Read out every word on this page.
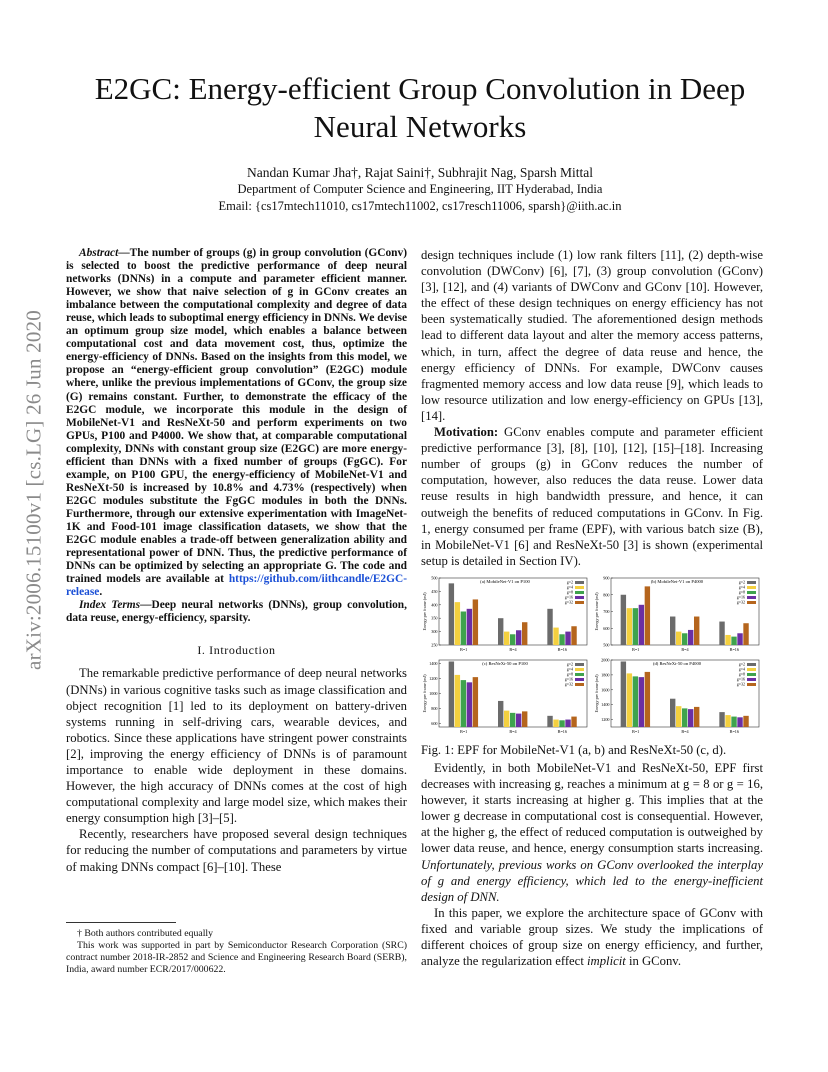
arXiv:2006.15100v1 [cs.LG] 26 Jun 2020
E2GC: Energy-efficient Group Convolution in Deep Neural Networks
Nandan Kumar Jha†, Rajat Saini†, Subhrajit Nag, Sparsh Mittal
Department of Computer Science and Engineering, IIT Hyderabad, India
Email: {cs17mtech11010, cs17mtech11002, cs17resch11006, sparsh}@iith.ac.in

Abstract—The number of groups (g) in group convolution (GConv) is selected to boost the predictive performance of deep neural networks (DNNs) in a compute and parameter efficient manner. However, we show that naive selection of g in GConv creates an imbalance between the computational complexity and degree of data reuse, which leads to suboptimal energy efficiency in DNNs. We devise an optimum group size model, which enables a balance between computational cost and data movement cost, thus, optimize the energy-efficiency of DNNs. Based on the insights from this model, we propose an “energy-efficient group convolution” (E2GC) module where, unlike the previous implementations of GConv, the group size (G) remains constant. Further, to demonstrate the efficacy of the E2GC module, we incorporate this module in the design of MobileNet-V1 and ResNeXt-50 and perform experiments on two GPUs, P100 and P4000. We show that, at comparable computational complexity, DNNs with constant group size (E2GC) are more energy-efficient than DNNs with a fixed number of groups (FgGC). For example, on P100 GPU, the energy-efficiency of MobileNet-V1 and ResNeXt-50 is increased by 10.8% and 4.73% (respectively) when E2GC modules substitute the FgGC modules in both the DNNs. Furthermore, through our extensive experimentation with ImageNet-1K and Food-101 image classification datasets, we show that the E2GC module enables a trade-off between generalization ability and representational power of DNN. Thus, the predictive performance of DNNs can be optimized by selecting an appropriate G. The code and trained models are available at https://github.com/iithcandle/E2GC-release.

Index Terms—Deep neural networks (DNNs), group convolution, data reuse, energy-efficiency, sparsity.

I. Introduction

The remarkable predictive performance of deep neural networks (DNNs) in various cognitive tasks such as image classification and object recognition [1] led to its deployment on battery-driven systems running in self-driving cars, wearable devices, and robotics. Since these applications have stringent power constraints [2], improving the energy efficiency of DNNs is of paramount importance to enable wide deployment in these domains. However, the high accuracy of DNNs comes at the cost of high computational complexity and large model size, which makes their energy consumption high [3]–[5].

Recently, researchers have proposed several design techniques for reducing the number of computations and parameters by virtue of making DNNs compact [6]–[10]. These

† Both authors contributed equally

This work was supported in part by Semiconductor Research Corporation (SRC) contract number 2018-IR-2852 and Science and Engineering Research Board (SERB), India, award number ECR/2017/000622.

design techniques include (1) low rank filters [11], (2) depth-wise convolution (DWConv) [6], [7], (3) group convolution (GConv) [3], [12], and (4) variants of DWConv and GConv [10]. However, the effect of these design techniques on energy efficiency has not been systematically studied. The aforementioned design methods lead to different data layout and alter the memory access patterns, which, in turn, affect the degree of data reuse and hence, the energy efficiency of DNNs. For example, DWConv causes fragmented memory access and low data reuse [9], which leads to low resource utilization and low energy-efficiency on GPUs [13], [14].

Motivation: GConv enables compute and parameter efficient predictive performance [3], [8], [10], [12], [15]–[18]. Increasing number of groups (g) in GConv reduces the number of computation, however, also reduces the data reuse. Lower data reuse results in high bandwidth pressure, and hence, it can outweigh the benefits of reduced computations in GConv. In Fig. 1, energy consumed per frame (EPF), with various batch size (B), in MobileNet-V1 [6] and ResNeXt-50 [3] is shown (experimental setup is detailed in Section IV).

250
300
350
400
450
500
Energy per frame (mJ)
(a) MobileNet-V1 on P100
B=1	B=4	B=16
g=2
g=4
g=8
g=16
g=32
500
600
700
800
900
Energy per frame (mJ)
(b) MobileNet-V1 on P4000
B=1	B=4	B=16
g=2
g=4
g=8
g=16
g=32
600
800
1000
1200
1400
Energy per frame (mJ)
(c) ResNeXt-50 on P100
B=1	B=4	B=16
g=2
g=4
g=8
g=16
g=32
1200
1400
1600
1800
2000
Energy per frame (mJ)
(d) ResNeXt-50 on P4000
B=1	B=4	B=16
g=2
g=4
g=8
g=16
g=32
Fig. 1: EPF for MobileNet-V1 (a, b) and ResNeXt-50 (c, d).

Evidently, in both MobileNet-V1 and ResNeXt-50, EPF first decreases with increasing g, reaches a minimum at g = 8 or g = 16, however, it starts increasing at higher g. This implies that at the lower g decrease in computational cost is consequential. However, at the higher g, the effect of reduced computation is outweighed by lower data reuse, and hence, energy consumption starts increasing. Unfortunately, previous works on GConv overlooked the interplay of g and energy efficiency, which led to the energy-inefficient design of DNN.

In this paper, we explore the architecture space of GConv with fixed and variable group sizes. We study the implications of different choices of group size on energy efficiency, and further, analyze the regularization effect implicit in GConv.
